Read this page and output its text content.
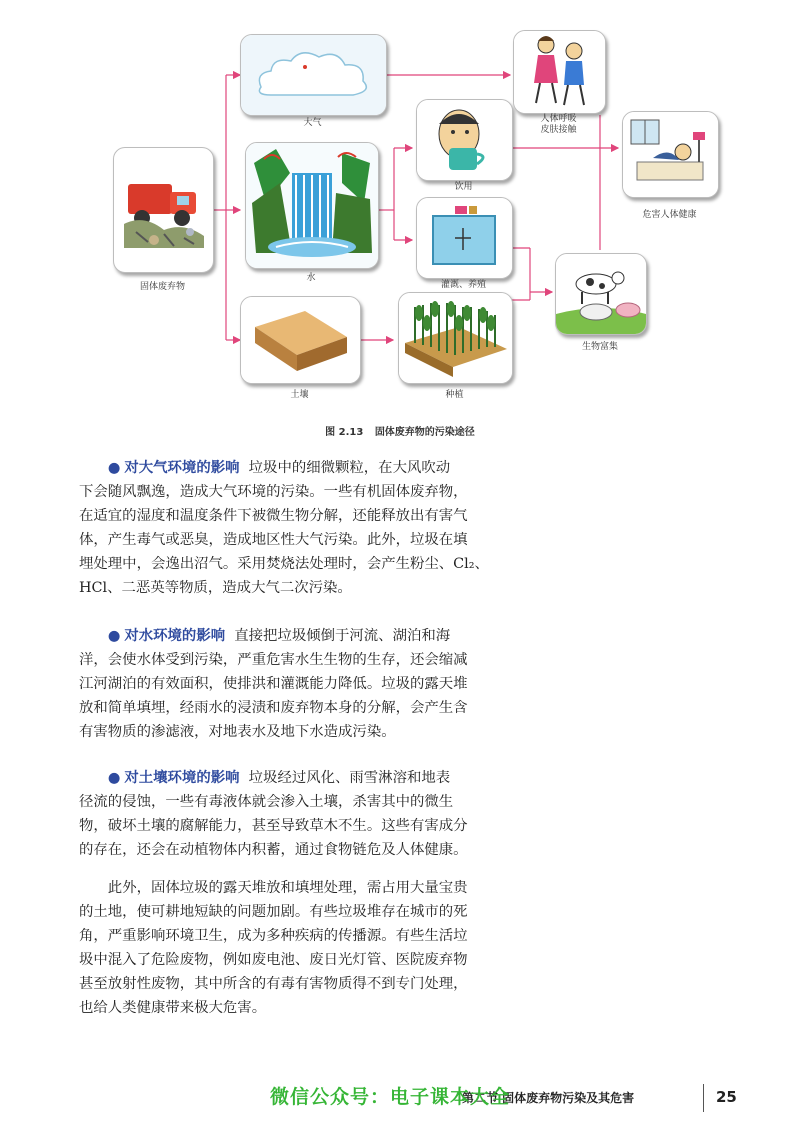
固体废弃物
大气
水
土壤
饮用
灌溉、养殖
种植
人体呼吸
皮肤接触
危害人体健康
生物富集
图 2.13 固体废弃物的污染途径

● 对大气环境的影响 垃圾中的细微颗粒，在大风吹动

下会随风飘逸，造成大气环境的污染。一些有机固体废弃物，

在适宜的湿度和温度条件下被微生物分解，还能释放出有害气

体，产生毒气或恶臭，造成地区性大气污染。此外，垃圾在填

埋处理中，会逸出沼气。采用焚烧法处理时，会产生粉尘、Cl₂、

HCl、二恶英等物质，造成大气二次污染。

● 对水环境的影响 直接把垃圾倾倒于河流、湖泊和海

洋，会使水体受到污染，严重危害水生生物的生存，还会缩减

江河湖泊的有效面积，使排洪和灌溉能力降低。垃圾的露天堆

放和简单填埋，经雨水的浸渍和废弃物本身的分解，会产生含

有害物质的渗滤液，对地表水及地下水造成污染。

● 对土壤环境的影响 垃圾经过风化、雨雪淋溶和地表

径流的侵蚀，一些有毒液体就会渗入土壤，杀害其中的微生

物，破坏土壤的腐解能力，甚至导致草木不生。这些有害成分

的存在，还会在动植物体内积蓄，通过食物链危及人体健康。

此外，固体垃圾的露天堆放和填埋处理，需占用大量宝贵

的土地，使可耕地短缺的问题加剧。有些垃圾堆存在城市的死

角，严重影响环境卫生，成为多种疾病的传播源。有些生活垃

圾中混入了危险废物，例如废电池、废日光灯管、医院废弃物

甚至放射性废物，其中所含的有毒有害物质得不到专门处理，

也给人类健康带来极大危害。

第二节 固体废弃物污染及其危害
微信公众号：电子课本大全	25
